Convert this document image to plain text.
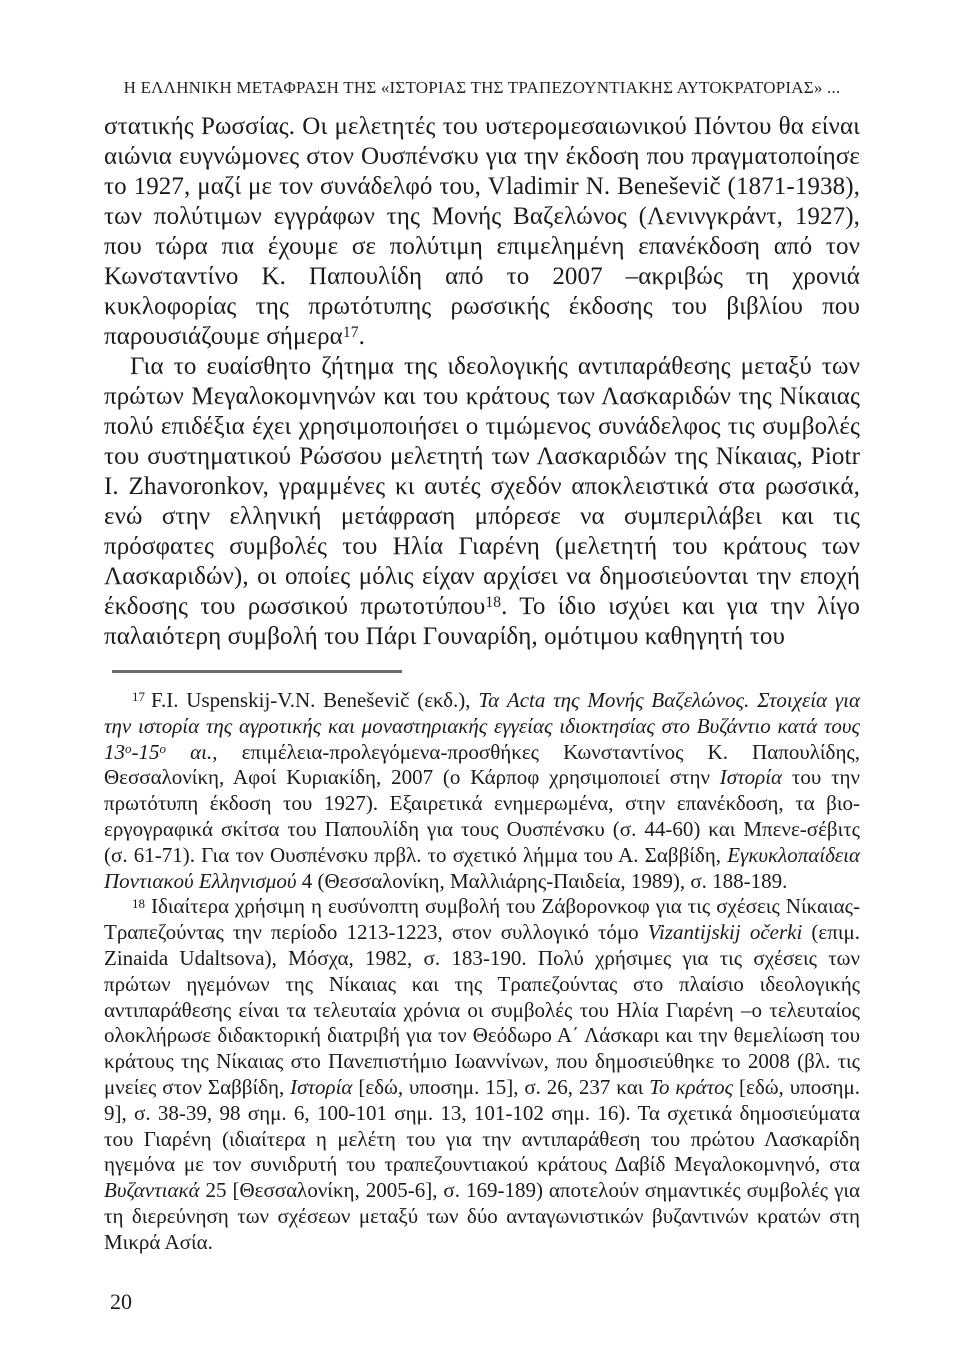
Η ΕΛΛΗΝΙΚΗ ΜΕΤΑΦΡΑΣΗ ΤΗΣ «ΙΣΤΟΡΙΑΣ ΤΗΣ ΤΡΑΠΕΖΟΥΝΤΙΑΚΗΣ ΑΥΤΟΚΡΑΤΟΡΙΑΣ» ...

στατικής Ρωσσίας. Οι μελετητές του υστερομεσαιωνικού Πόντου θα είναι αιώνια ευγνώμονες στον Ουσπένσκυ για την έκδοση που πραγματοποίησε το 1927, μαζί με τον συνάδελφό του, Vladimir N. Beneševič (1871-1938), των πολύτιμων εγγράφων της Μονής Βαζελώνος (Λενινγκράντ, 1927), που τώρα πια έχουμε σε πολύτιμη επιμελημένη επανέκδοση από τον Κωνσταντίνο Κ. Παπουλίδη από το 2007 –ακριβώς τη χρονιά κυκλοφορίας της πρωτότυπης ρωσσικής έκδοσης του βιβλίου που παρουσιάζουμε σήμερα$^{17}$.

Για το ευαίσθητο ζήτημα της ιδεολογικής αντιπαράθεσης μεταξύ των πρώτων Μεγαλοκομνηνών και του κράτους των Λασκαριδών της Νίκαιας πολύ επιδέξια έχει χρησιμοποιήσει ο τιμώμενος συνάδελφος τις συμβολές του συστηματικού Ρώσσου μελετητή των Λασκαριδών της Νίκαιας, Piotr I. Zhavoronkov, γραμμένες κι αυτές σχεδόν αποκλειστικά στα ρωσσικά, ενώ στην ελληνική μετάφραση μπόρεσε να συμπεριλάβει και τις πρόσφατες συμβολές του Ηλία Γιαρένη (μελετητή του κράτους των Λασκαριδών), οι οποίες μόλις είχαν αρχίσει να δημοσιεύονται την εποχή έκδοσης του ρωσσικού πρωτοτύπου$^{18}$. Το ίδιο ισχύει και για την λίγο παλαιότερη συμβολή του Πάρι Γουναρίδη, ομότιμου καθηγητή του

$^{17}$ F.I. Uspenskij-V.N. Beneševič (εκδ.), Τα Acta της Μονής Βαζελώνος. Στοιχεία για την ιστορία της αγροτικής και μοναστηριακής εγγείας ιδιοκτησίας στο Βυζάντιο κατά τους $13^o-15^o$ αι., επιμέλεια-προλεγόμενα-προσθήκες Κωνσταντίνος Κ. Παπουλίδης, Θεσσαλονίκη, Αφοί Κυριακίδη, 2007 (ο Κάρποφ χρησιμοποιεί στην Ιστορία του την πρωτότυπη έκδοση του 1927). Εξαιρετικά ενημερωμένα, στην επανέκδοση, τα βιο-εργογραφικά σκίτσα του Παπουλίδη για τους Ουσπένσκυ (σ. 44-60) και Μπενε-σέβιτς (σ. 61-71). Για τον Ουσπένσκυ πρβλ. το σχετικό λήμμα του Α. Σαββίδη, Εγκυκλοπαίδεια Ποντιακού Ελληνισμού 4 (Θεσσαλονίκη, Μαλλιάρης-Παιδεία, 1989), σ. 188-189.

$^{18}$ Ιδιαίτερα χρήσιμη η ευσύνοπτη συμβολή του Ζάβορονκοφ για τις σχέσεις Νίκαιας-Τραπεζούντας την περίοδο 1213-1223, στον συλλογικό τόμο Vizantijskij očerki (επιμ. Zinaida Udaltsova), Μόσχα, 1982, σ. 183-190. Πολύ χρήσιμες για τις σχέσεις των πρώτων ηγεμόνων της Νίκαιας και της Τραπεζούντας στο πλαίσιο ιδεολογικής αντιπαράθεσης είναι τα τελευταία χρόνια οι συμβολές του Ηλία Γιαρένη –ο τελευταίος ολοκλήρωσε διδακτορική διατριβή για τον Θεόδωρο Α΄ Λάσκαρι και την θεμελίωση του κράτους της Νίκαιας στο Πανεπιστήμιο Ιωαννίνων, που δημοσιεύθηκε το 2008 (βλ. τις μνείες στον Σαββίδη, Ιστορία [εδώ, υποσημ. 15], σ. 26, 237 και Το κράτος [εδώ, υποσημ. 9], σ. 38-39, 98 σημ. 6, 100-101 σημ. 13, 101-102 σημ. 16). Τα σχετικά δημοσιεύματα του Γιαρένη (ιδιαίτερα η μελέτη του για την αντιπαράθεση του πρώτου Λασκαρίδη ηγεμόνα με τον συνιδρυτή του τραπεζουντιακού κράτους Δαβίδ Μεγαλοκομνηνό, στα Βυζαντιακά 25 [Θεσσαλονίκη, 2005-6], σ. 169-189) αποτελούν σημαντικές συμβολές για τη διερεύνηση των σχέσεων μεταξύ των δύο ανταγωνιστικών βυζαντινών κρατών στη Μικρά Ασία.

20
